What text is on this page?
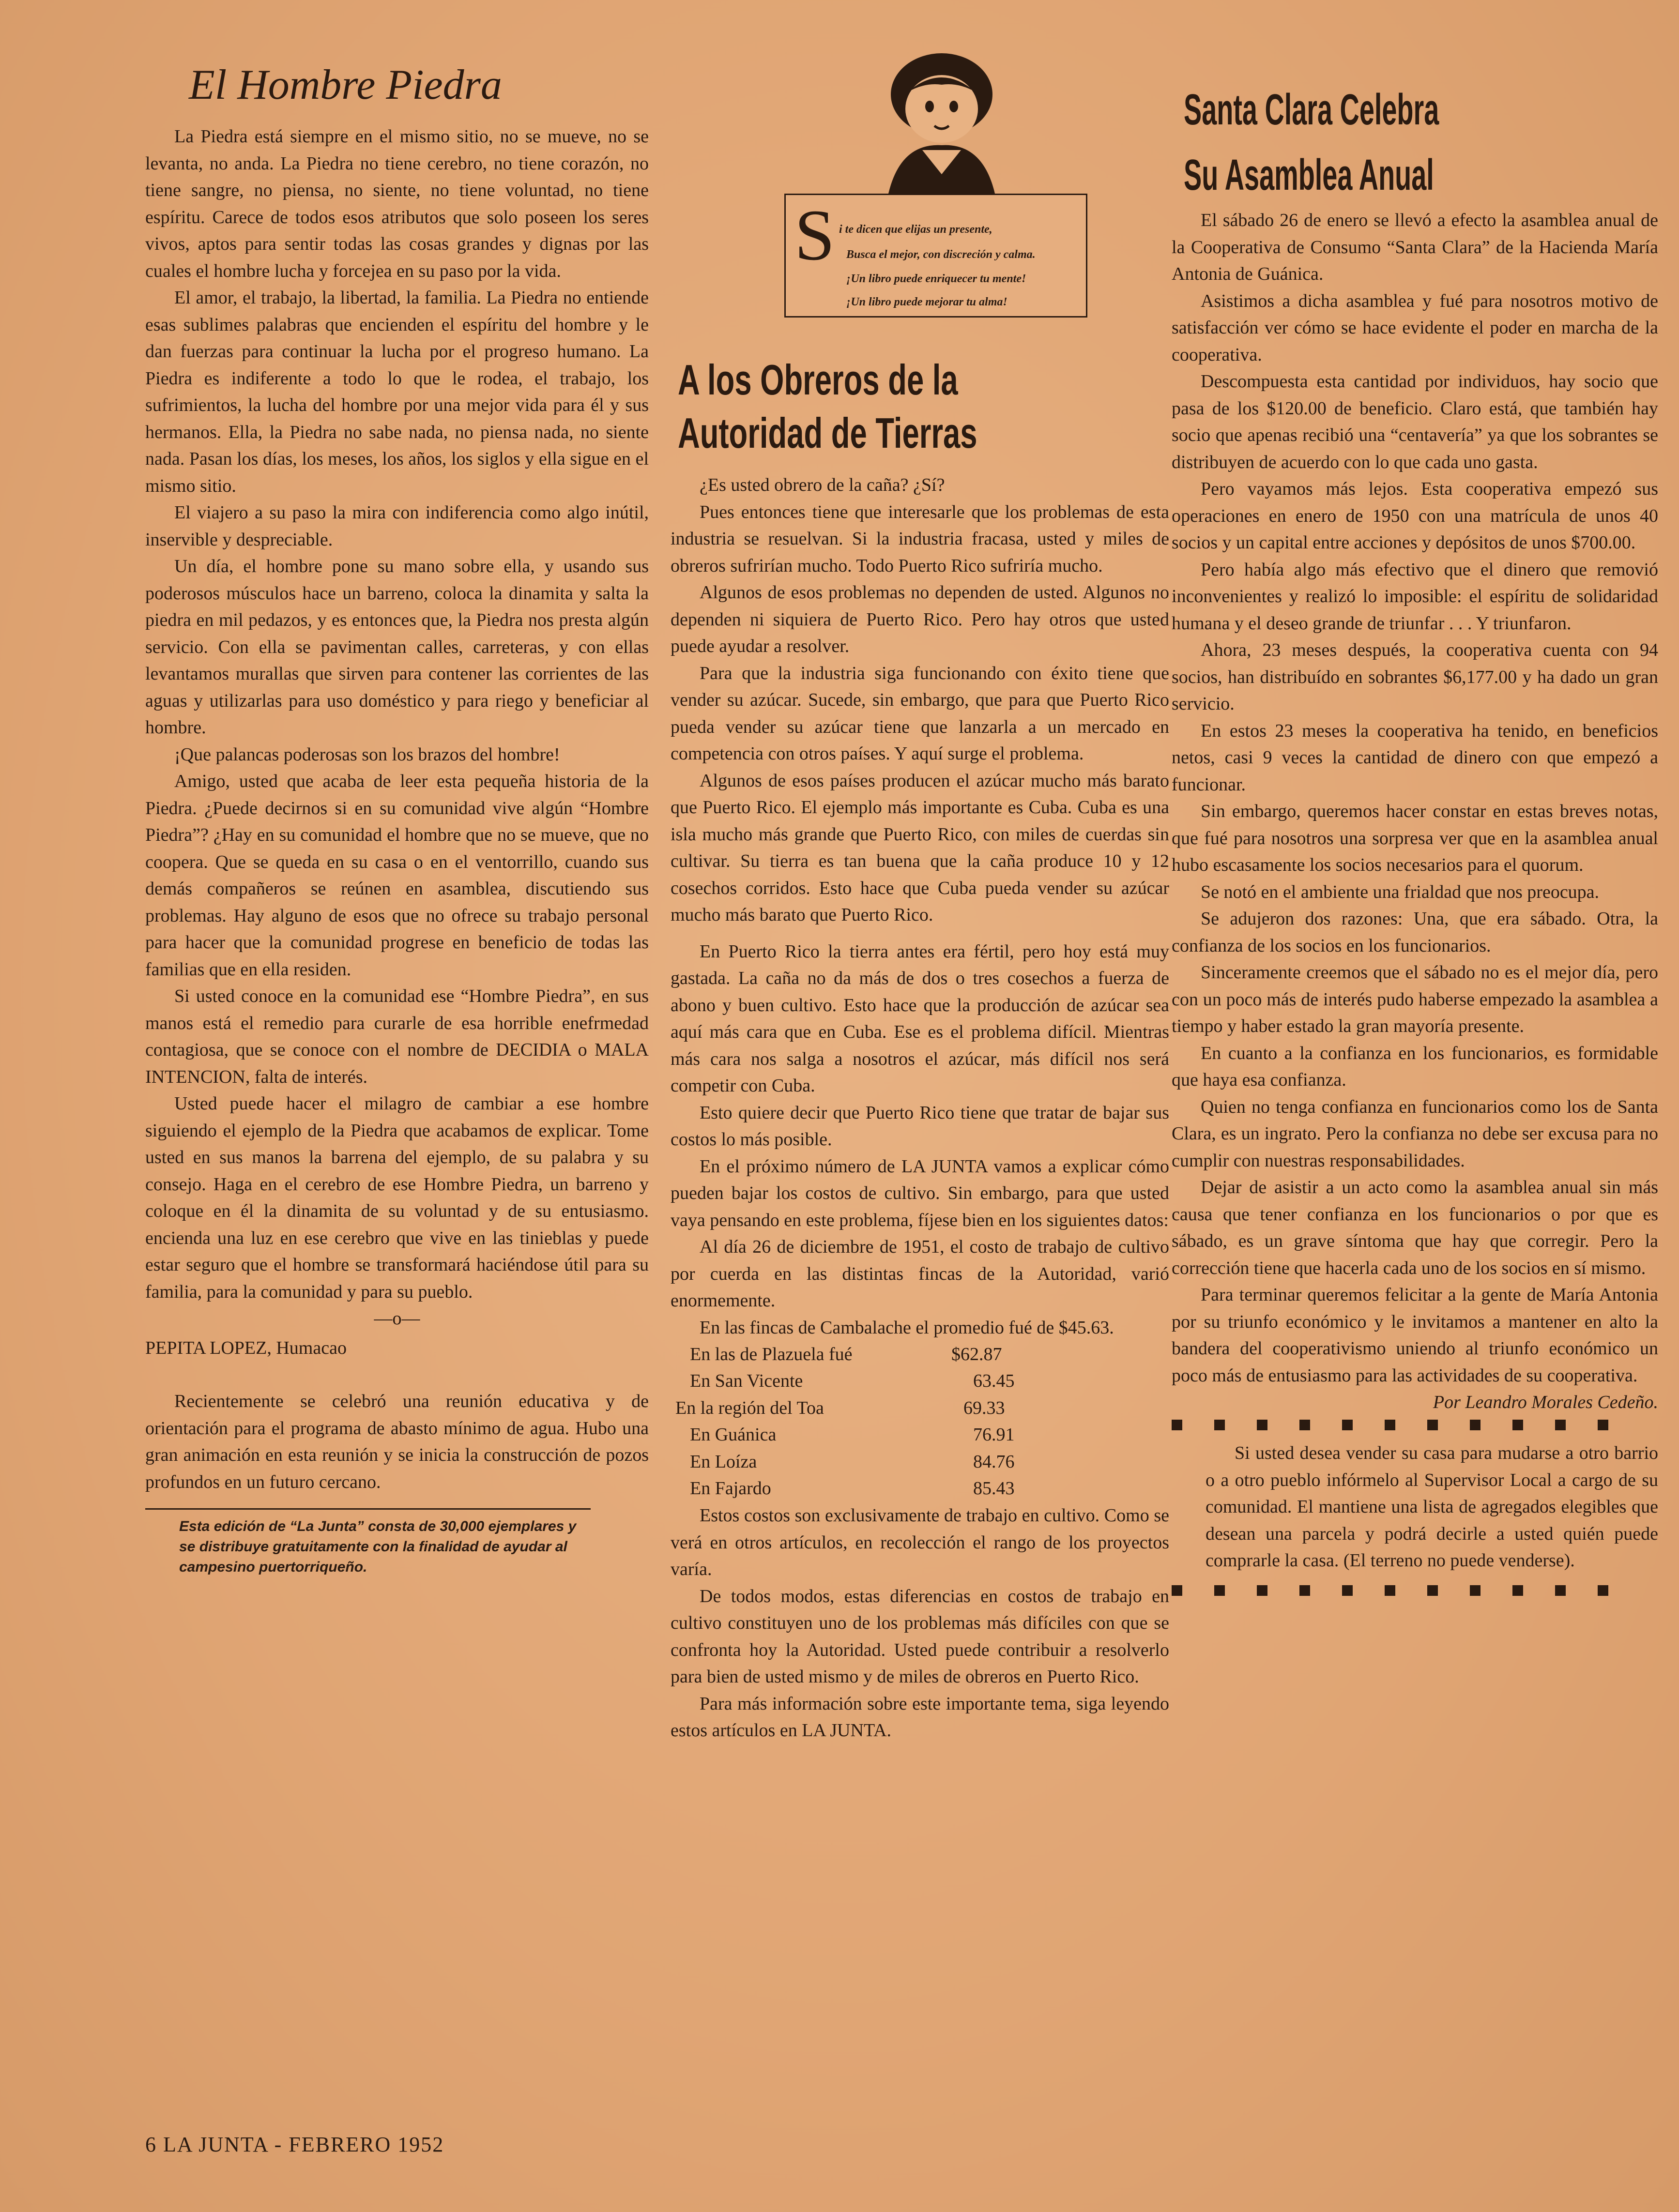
El Hombre Piedra

La Piedra está siempre en el mismo sitio, no se mueve, no se levanta, no anda. La Piedra no tiene cerebro, no tiene corazón, no tiene sangre, no piensa, no siente, no tiene voluntad, no tiene espíritu. Carece de todos esos atributos que solo poseen los seres vivos, aptos para sentir todas las cosas grandes y dignas por las cuales el hombre lucha y forcejea en su paso por la vida.

El amor, el trabajo, la libertad, la familia. La Piedra no entiende esas sublimes palabras que encienden el espíritu del hombre y le dan fuerzas para continuar la lucha por el progreso humano. La Piedra es indiferente a todo lo que le rodea, el trabajo, los sufrimientos, la lucha del hombre por una mejor vida para él y sus hermanos. Ella, la Piedra no sabe nada, no piensa nada, no siente nada. Pasan los días, los meses, los años, los siglos y ella sigue en el mismo sitio.

El viajero a su paso la mira con indiferencia como algo inútil, inservible y despreciable.

Un día, el hombre pone su mano sobre ella, y usando sus poderosos músculos hace un barreno, coloca la dinamita y salta la piedra en mil pedazos, y es entonces que, la Piedra nos presta algún servicio. Con ella se pavimentan calles, carreteras, y con ellas levantamos murallas que sirven para contener las corrientes de las aguas y utilizarlas para uso doméstico y para riego y beneficiar al hombre.

¡Que palancas poderosas son los brazos del hombre!

Amigo, usted que acaba de leer esta pequeña historia de la Piedra. ¿Puede decirnos si en su comunidad vive algún “Hombre Piedra”? ¿Hay en su comunidad el hombre que no se mueve, que no coopera. Que se queda en su casa o en el ventorrillo, cuando sus demás compañeros se reúnen en asamblea, discutiendo sus problemas. Hay alguno de esos que no ofrece su trabajo personal para hacer que la comunidad progrese en beneficio de todas las familias que en ella residen.

Si usted conoce en la comunidad ese “Hombre Piedra”, en sus manos está el remedio para curarle de esa horrible enefrmedad contagiosa, que se conoce con el nombre de DECIDIA o MALA INTENCION, falta de interés.

Usted puede hacer el milagro de cambiar a ese hombre siguiendo el ejemplo de la Piedra que acabamos de explicar. Tome usted en sus manos la barrena del ejemplo, de su palabra y su consejo. Haga en el cerebro de ese Hombre Piedra, un barreno y coloque en él la dinamita de su voluntad y de su entusiasmo. encienda una luz en ese cerebro que vive en las tinieblas y puede estar seguro que el hombre se transformará haciéndose útil para su familia, para la comunidad y para su pueblo.

—o—

PEPITA LOPEZ, Humacao

Recientemente se celebró una reunión educativa y de orientación para el programa de abasto mínimo de agua. Hubo una gran animación en esta reunión y se inicia la construcción de pozos profundos en un futuro cercano.

Esta edición de “La Junta” consta de 30,000 ejemplares y se distribuye gratuitamente con la finalidad de ayudar al campesino puertorriqueño.

S i te dicen que elijas un presente,
Busca el mejor, con discreción y calma.
¡Un libro puede enriquecer tu mente!
¡Un libro puede mejorar tu alma!
A los Obreros de la
Autoridad de Tierras

¿Es usted obrero de la caña? ¿Sí?

Pues entonces tiene que interesarle que los problemas de esta industria se resuelvan. Si la industria fracasa, usted y miles de obreros sufrirían mucho. Todo Puerto Rico sufriría mucho.

Algunos de esos problemas no dependen de usted. Algunos no dependen ni siquiera de Puerto Rico. Pero hay otros que usted puede ayudar a resolver.

Para que la industria siga funcionando con éxito tiene que vender su azúcar. Sucede, sin embargo, que para que Puerto Rico pueda vender su azúcar tiene que lanzarla a un mercado en competencia con otros países. Y aquí surge el problema.

Algunos de esos países producen el azúcar mucho más barato que Puerto Rico. El ejemplo más importante es Cuba. Cuba es una isla mucho más grande que Puerto Rico, con miles de cuerdas sin cultivar. Su tierra es tan buena que la caña produce 10 y 12 cosechos corridos. Esto hace que Cuba pueda vender su azúcar mucho más barato que Puerto Rico.

En Puerto Rico la tierra antes era fértil, pero hoy está muy gastada. La caña no da más de dos o tres cosechos a fuerza de abono y buen cultivo. Esto hace que la producción de azúcar sea aquí más cara que en Cuba. Ese es el problema difícil. Mientras más cara nos salga a nosotros el azúcar, más difícil nos será competir con Cuba.

Esto quiere decir que Puerto Rico tiene que tratar de bajar sus costos lo más posible.

En el próximo número de LA JUNTA vamos a explicar cómo pueden bajar los costos de cultivo. Sin embargo, para que usted vaya pensando en este problema, fíjese bien en los siguientes datos:

Al día 26 de diciembre de 1951, el costo de trabajo de cultivo por cuerda en las distintas fincas de la Autoridad, varió enormemente.

En las fincas de Cambalache el promedio fué de $45.63.

En las de Plazuela fué	$62.87
En San Vicente	63.45
En la región del Toa	69.33
En Guánica	76.91
En Loíza	84.76
En Fajardo	85.43

Estos costos son exclusivamente de trabajo en cultivo. Como se verá en otros artículos, en recolección el rango de los proyectos varía.

De todos modos, estas diferencias en costos de trabajo en cultivo constituyen uno de los problemas más difíciles con que se confronta hoy la Autoridad. Usted puede contribuir a resolverlo para bien de usted mismo y de miles de obreros en Puerto Rico.

Para más información sobre este importante tema, siga leyendo estos artículos en LA JUNTA.

Santa Clara Celebra
Su Asamblea Anual

El sábado 26 de enero se llevó a efecto la asamblea anual de la Cooperativa de Consumo “Santa Clara” de la Hacienda María Antonia de Guánica.

Asistimos a dicha asamblea y fué para nosotros motivo de satisfacción ver cómo se hace evidente el poder en marcha de la cooperativa.

Descompuesta esta cantidad por individuos, hay socio que pasa de los $120.00 de beneficio. Claro está, que también hay socio que apenas recibió una “centavería” ya que los sobrantes se distribuyen de acuerdo con lo que cada uno gasta.

Pero vayamos más lejos. Esta cooperativa empezó sus operaciones en enero de 1950 con una matrícula de unos 40 socios y un capital entre acciones y depósitos de unos $700.00.

Pero había algo más efectivo que el dinero que removió inconvenientes y realizó lo imposible: el espíritu de solidaridad humana y el deseo grande de triunfar . . . Y triunfaron.

Ahora, 23 meses después, la cooperativa cuenta con 94 socios, han distribuído en sobrantes $6,177.00 y ha dado un gran servicio.

En estos 23 meses la cooperativa ha tenido, en beneficios netos, casi 9 veces la cantidad de dinero con que empezó a funcionar.

Sin embargo, queremos hacer constar en estas breves notas, que fué para nosotros una sorpresa ver que en la asamblea anual hubo escasamente los socios necesarios para el quorum.

Se notó en el ambiente una frialdad que nos preocupa.

Se adujeron dos razones: Una, que era sábado. Otra, la confianza de los socios en los funcionarios.

Sinceramente creemos que el sábado no es el mejor día, pero con un poco más de interés pudo haberse empezado la asamblea a tiempo y haber estado la gran mayoría presente.

En cuanto a la confianza en los funcionarios, es formidable que haya esa confianza.

Quien no tenga confianza en funcionarios como los de Santa Clara, es un ingrato. Pero la confianza no debe ser excusa para no cumplir con nuestras responsabilidades.

Dejar de asistir a un acto como la asamblea anual sin más causa que tener confianza en los funcionarios o por que es sábado, es un grave síntoma que hay que corregir. Pero la corrección tiene que hacerla cada uno de los socios en sí mismo.

Para terminar queremos felicitar a la gente de María Antonia por su triunfo económico y le invitamos a mantener en alto la bandera del cooperativismo uniendo al triunfo económico un poco más de entusiasmo para las actividades de su cooperativa.

Por Leandro Morales Cedeño.

Si usted desea vender su casa para mudarse a otro barrio o a otro pueblo infórmelo al Supervisor Local a cargo de su comunidad. El mantiene una lista de agregados elegibles que desean una parcela y podrá decirle a usted quién puede comprarle la casa. (El terreno no puede venderse).

6 LA JUNTA - FEBRERO 1952
